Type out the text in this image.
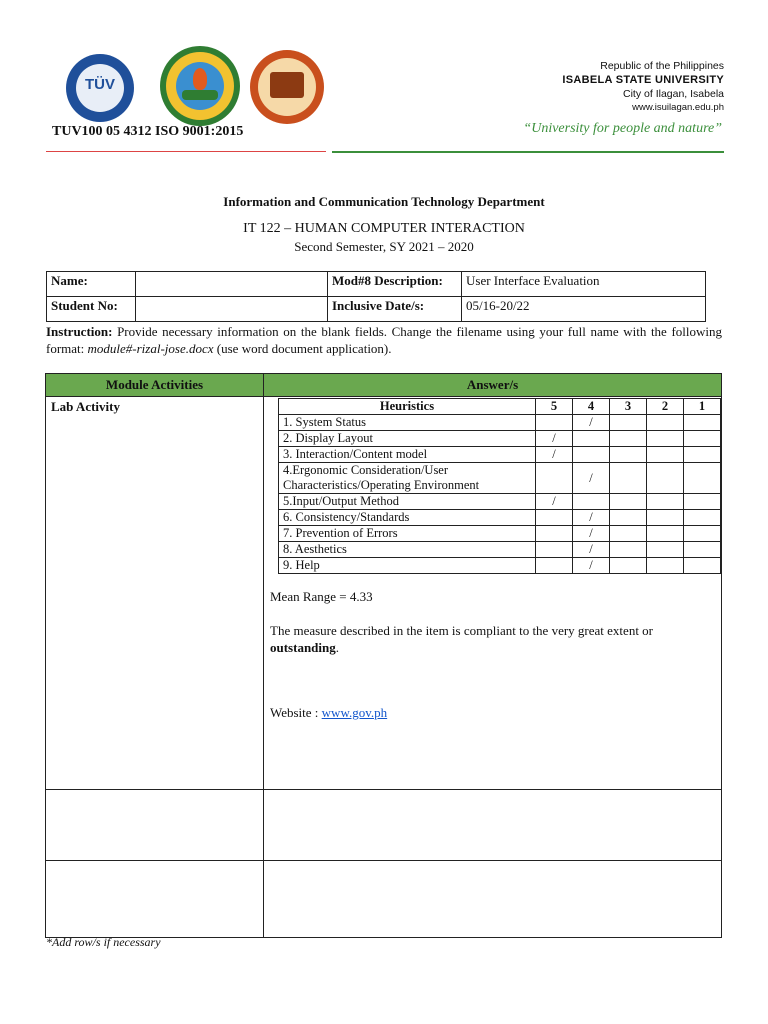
TÜV
TUV100 05 4312 ISO 9001:2015
Republic of the Philippines
ISABELA STATE UNIVERSITY
City of Ilagan, Isabela
www.isuilagan.edu.ph
“University for people and nature”
Information and Communication Technology Department
IT 122 – HUMAN COMPUTER INTERACTION
Second Semester, SY 2021 – 2020
Name:		Mod#8 Description:	User Interface Evaluation
Student No:		Inclusive Date/s:	05/16-20/22
Instruction: Provide necessary information on the blank fields. Change the filename using your full name with the following format: module#-rizal-jose.docx (use word document application).
Module Activities	Answer/s
Lab Activity		Heuristics	5	4	3	2	1
1. System Status		/			
2. Display Layout	/				
3. Interaction/Content model	/				
4.Ergonomic Consideration/User Characteristics/Operating Environment		/			
5.Input/Output Method	/				
6. Consistency/Standards		/			
7. Prevention of Errors		/			
8. Aesthetics		/			
9. Help		/			
Mean Range = 4.33
The measure described in the item is compliant to the very great extent or outstanding.
Website : www.gov.ph

*Add row/s if necessary
